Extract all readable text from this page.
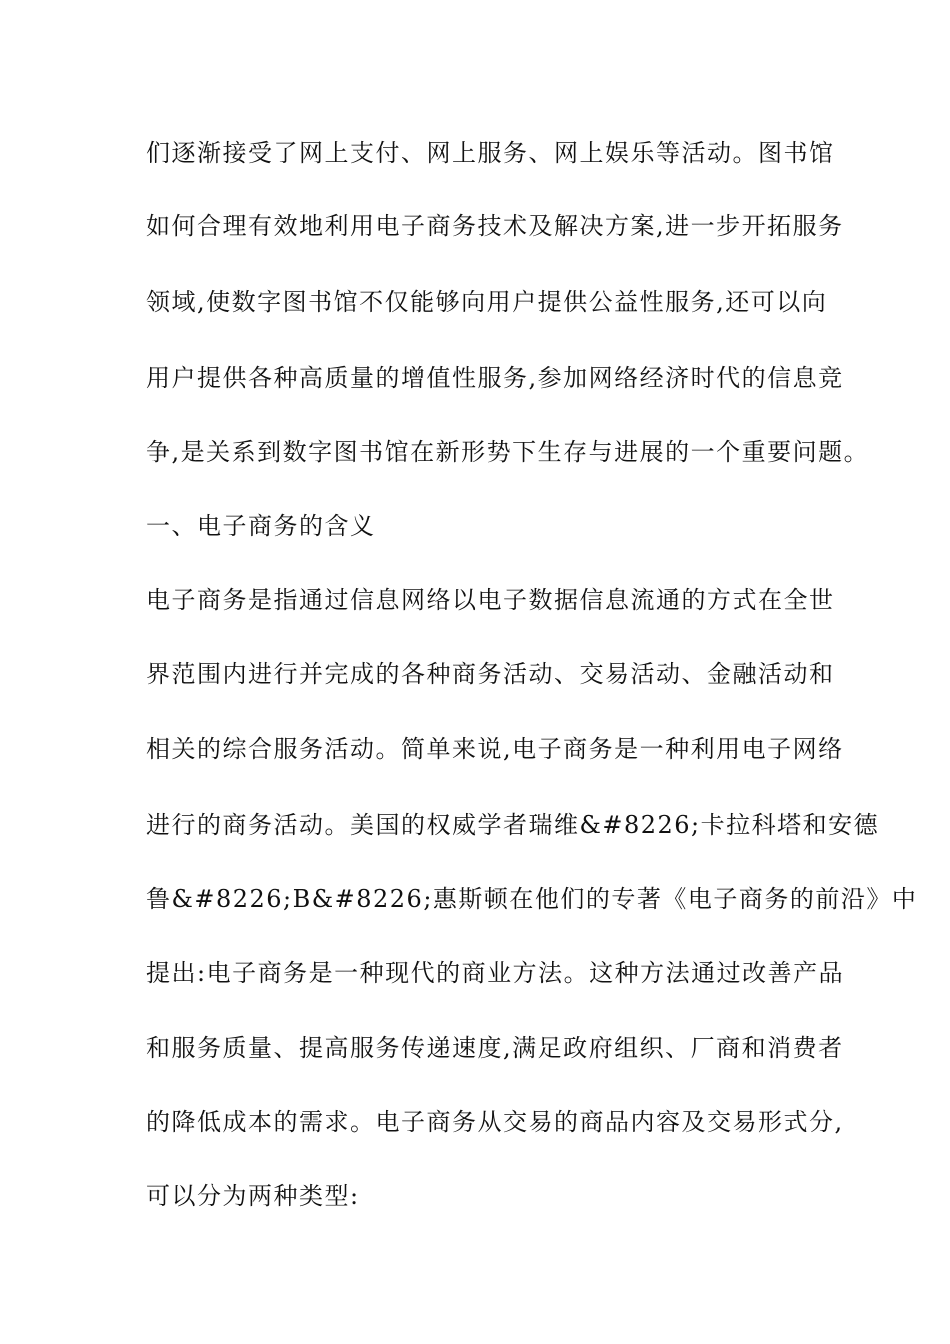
们逐渐接受了网上支付、网上服务、网上娱乐等活动。图书馆
如何合理有效地利用电子商务技术及解决方案,进一步开拓服务
领域,使数字图书馆不仅能够向用户提供公益性服务,还可以向
用户提供各种高质量的增值性服务,参加网络经济时代的信息竞
争,是关系到数字图书馆在新形势下生存与进展的一个重要问题。
一、电子商务的含义
电子商务是指通过信息网络以电子数据信息流通的方式在全世
界范围内进行并完成的各种商务活动、交易活动、金融活动和
相关的综合服务活动。简单来说,电子商务是一种利用电子网络
进行的商务活动。美国的权威学者瑞维&#8226;卡拉科塔和安德
鲁&#8226;B&#8226;惠斯顿在他们的专著《电子商务的前沿》中
提出:电子商务是一种现代的商业方法。这种方法通过改善产品
和服务质量、提高服务传递速度,满足政府组织、厂商和消费者
的降低成本的需求。电子商务从交易的商品内容及交易形式分,
可以分为两种类型:
